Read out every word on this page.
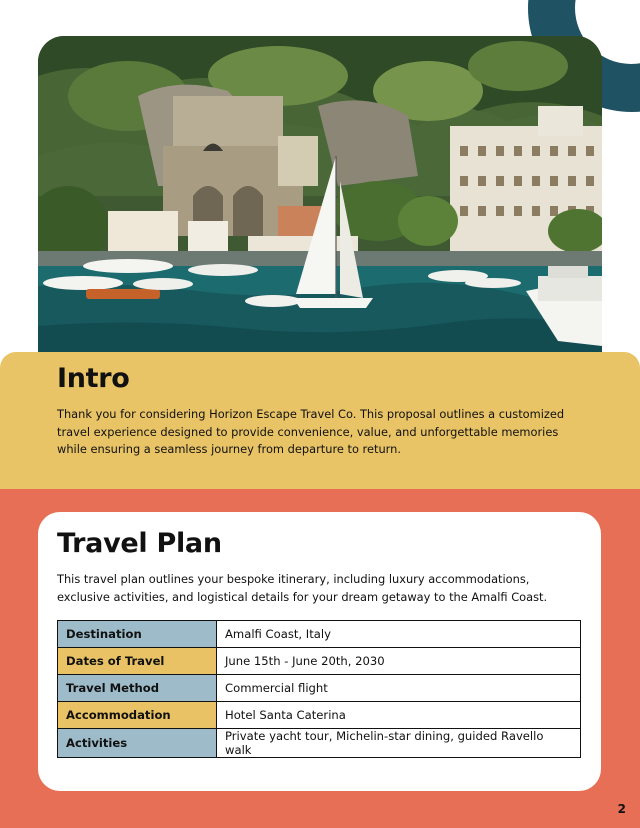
Intro

Thank you for considering Horizon Escape Travel Co. This proposal outlines a customized travel experience designed to provide convenience, value, and unforgettable memories while ensuring a seamless journey from departure to return.

Travel Plan

This travel plan outlines your bespoke itinerary, including luxury accommodations, exclusive activities, and logistical details for your dream getaway to the Amalfi Coast.

Destination	Amalfi Coast, Italy
Dates of Travel	June 15th - June 20th, 2030
Travel Method	Commercial flight
Accommodation	Hotel Santa Caterina
Activities	Private yacht tour, Michelin-star dining, guided Ravello walk
2
